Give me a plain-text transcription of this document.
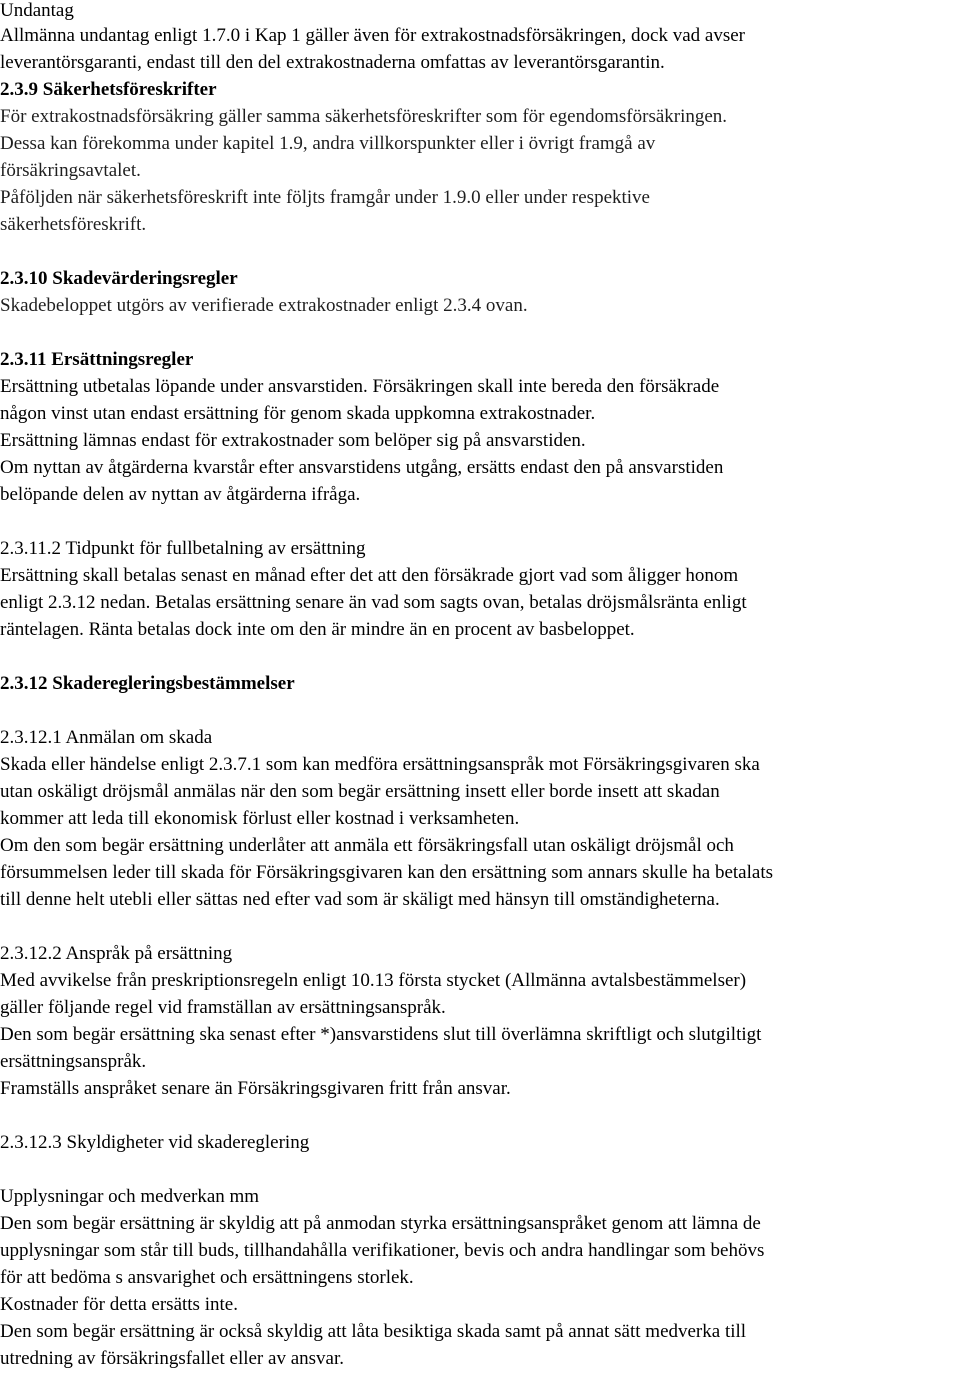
Undantag
Allmänna undantag enligt 1.7.0 i Kap 1 gäller även för extrakostnadsförsäkringen, dock vad avser
leverantörsgaranti, endast till den del extrakostnaderna omfattas av leverantörsgarantin.
2.3.9 Säkerhetsföreskrifter
För extrakostnadsförsäkring gäller samma säkerhetsföreskrifter som för egendomsförsäkringen.
Dessa kan förekomma under kapitel 1.9, andra villkorspunkter eller i övrigt framgå av
försäkringsavtalet.
Påföljden när säkerhetsföreskrift inte följts framgår under 1.9.0 eller under respektive
säkerhetsföreskrift.
2.3.10 Skadevärderingsregler
Skadebeloppet utgörs av verifierade extrakostnader enligt 2.3.4 ovan.
2.3.11 Ersättningsregler
Ersättning utbetalas löpande under ansvarstiden. Försäkringen skall inte bereda den försäkrade
någon vinst utan endast ersättning för genom skada uppkomna extrakostnader.
Ersättning lämnas endast för extrakostnader som belöper sig på ansvarstiden.
Om nyttan av åtgärderna kvarstår efter ansvarstidens utgång, ersätts endast den på ansvarstiden
belöpande delen av nyttan av åtgärderna ifråga.
2.3.11.2 Tidpunkt för fullbetalning av ersättning
Ersättning skall betalas senast en månad efter det att den försäkrade gjort vad som åligger honom
enligt 2.3.12 nedan. Betalas ersättning senare än vad som sagts ovan, betalas dröjsmålsränta enligt
räntelagen. Ränta betalas dock inte om den är mindre än en procent av basbeloppet.
2.3.12 Skaderegleringsbestämmelser
2.3.12.1 Anmälan om skada
Skada eller händelse enligt 2.3.7.1 som kan medföra ersättningsanspråk mot Försäkringsgivaren ska
utan oskäligt dröjsmål anmälas när den som begär ersättning insett eller borde insett att skadan
kommer att leda till ekonomisk förlust eller kostnad i verksamheten.
Om den som begär ersättning underlåter att anmäla ett försäkringsfall utan oskäligt dröjsmål och
försummelsen leder till skada för Försäkringsgivaren kan den ersättning som annars skulle ha betalats
till denne helt utebli eller sättas ned efter vad som är skäligt med hänsyn till omständigheterna.
2.3.12.2 Anspråk på ersättning
Med avvikelse från preskriptionsregeln enligt 10.13 första stycket (Allmänna avtalsbestämmelser)
gäller följande regel vid framställan av ersättningsanspråk.
Den som begär ersättning ska senast efter *)ansvarstidens slut till överlämna skriftligt och slutgiltigt
ersättningsanspråk.
Framställs anspråket senare än Försäkringsgivaren fritt från ansvar.
2.3.12.3 Skyldigheter vid skadereglering
Upplysningar och medverkan mm
Den som begär ersättning är skyldig att på anmodan styrka ersättningsanspråket genom att lämna de
upplysningar som står till buds, tillhandahålla verifikationer, bevis och andra handlingar som behövs
för att bedöma s ansvarighet och ersättningens storlek.
Kostnader för detta ersätts inte.
Den som begär ersättning är också skyldig att låta besiktiga skada samt på annat sätt medverka till
utredning av försäkringsfallet eller av ansvar.
